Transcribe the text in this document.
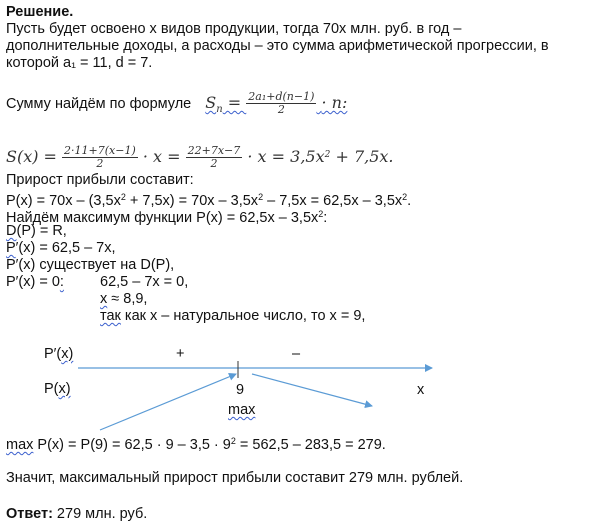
Решение.
Пусть будет освоено х видов продукции, тогда 70х млн. руб. в год –
дополнительные доходы, а расходы – это сумма арифметической прогрессии, в
которой а₁ = 11, d = 7.
Сумму найдём по формуле $S_n = \frac{\text{2a₁+d(n−1)}}{2} \cdot n$:
$S(x) = \frac{2\cdot 11+7(x-1)}{2} \cdot x = \frac{22+7x-7}{2} \cdot x = 3,5x^2 + 7,5x$.
Прирост прибыли составит:
$P(x) = 70x - (3,5x^2 + 7,5x) = 70x - 3,5x^2 - 7,5x = 62,5x - 3,5x^2$.
Найдём максимум функции $P(x) = 62,5x - 3,5x^2$:
D(P) = R,
P′(x) = 62,5 – 7x,
P′(x) существует на D(P),
P′(x) = 0: 62,5 – 7x = 0,
x ≈ 8,9,
так как x – натуральное число, то x = 9,
P′(x)	+	–
P(x)	9	x
max
$\max P(x) = P(9) = 62,5 \cdot 9 - 3,5 \cdot 9^2 = 562,5 - 283,5 = 279$.
Значит, максимальный прирост прибыли составит 279 млн. рублей.
Ответ: 279 млн. руб.
